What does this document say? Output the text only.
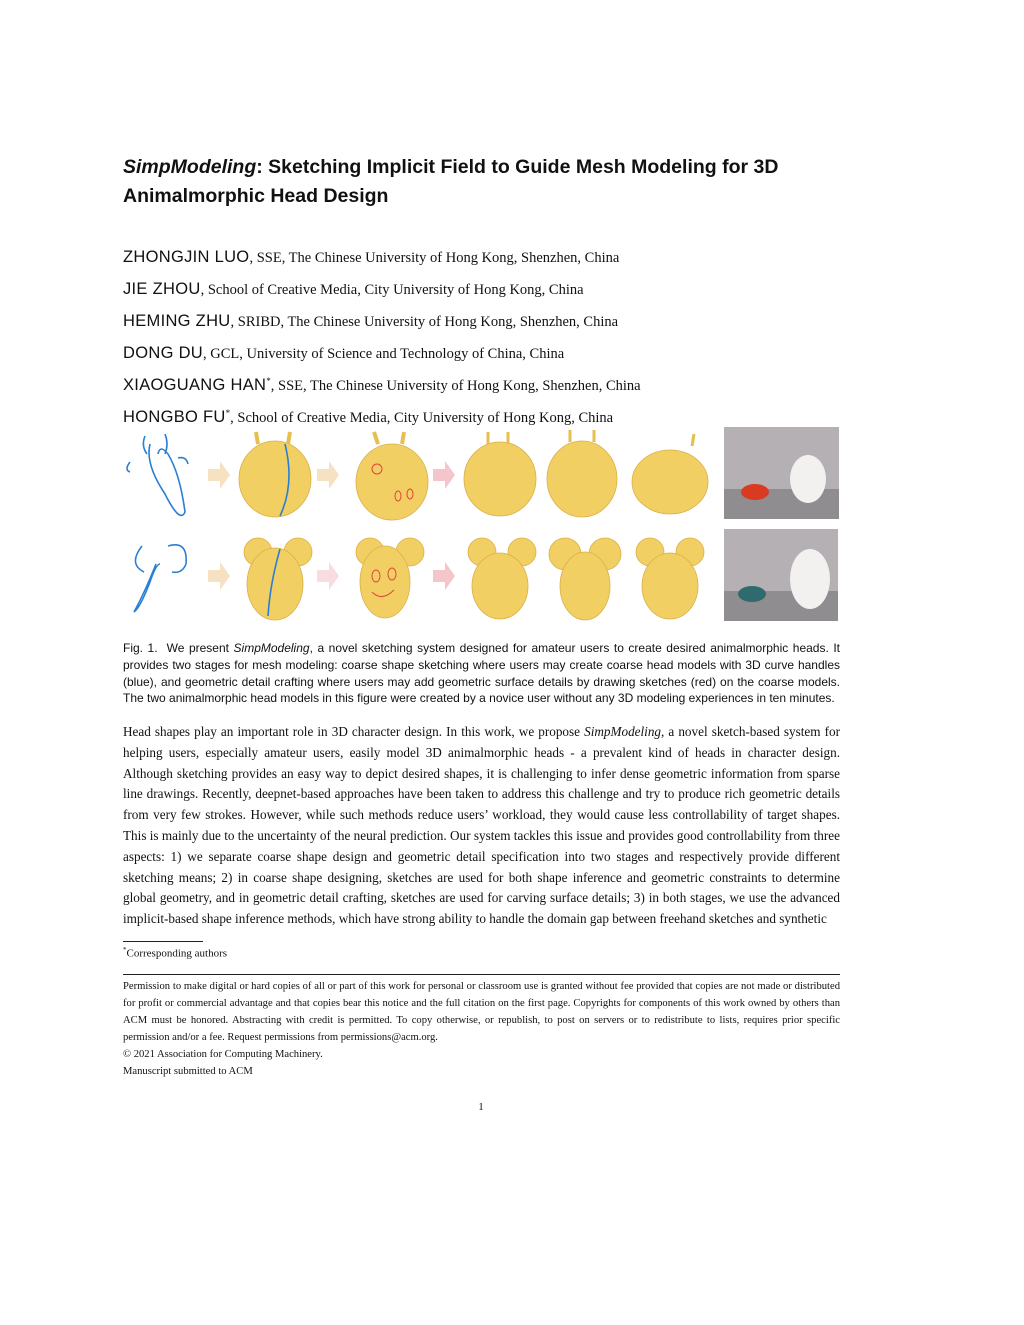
SimpModeling: Sketching Implicit Field to Guide Mesh Modeling for 3D Animalmorphic Head Design
ZHONGJIN LUO, SSE, The Chinese University of Hong Kong, Shenzhen, China
JIE ZHOU, School of Creative Media, City University of Hong Kong, China
HEMING ZHU, SRIBD, The Chinese University of Hong Kong, Shenzhen, China
DONG DU, GCL, University of Science and Technology of China, China
XIAOGUANG HAN*, SSE, The Chinese University of Hong Kong, Shenzhen, China
HONGBO FU*, School of Creative Media, City University of Hong Kong, China
Fig. 1. We present SimpModeling, a novel sketching system designed for amateur users to create desired animalmorphic heads. It provides two stages for mesh modeling: coarse shape sketching where users may create coarse head models with 3D curve handles (blue), and geometric detail crafting where users may add geometric surface details by drawing sketches (red) on the coarse models. The two animalmorphic head models in this figure were created by a novice user without any 3D modeling experiences in ten minutes.
Head shapes play an important role in 3D character design. In this work, we propose SimpModeling, a novel sketch-based system for helping users, especially amateur users, easily model 3D animalmorphic heads - a prevalent kind of heads in character design. Although sketching provides an easy way to depict desired shapes, it is challenging to infer dense geometric information from sparse line drawings. Recently, deepnet-based approaches have been taken to address this challenge and try to produce rich geometric details from very few strokes. However, while such methods reduce users’ workload, they would cause less controllability of target shapes. This is mainly due to the uncertainty of the neural prediction. Our system tackles this issue and provides good controllability from three aspects: 1) we separate coarse shape design and geometric detail specification into two stages and respectively provide different sketching means; 2) in coarse shape designing, sketches are used for both shape inference and geometric constraints to determine global geometry, and in geometric detail crafting, sketches are used for carving surface details; 3) in both stages, we use the advanced implicit-based shape inference methods, which have strong ability to handle the domain gap between freehand sketches and synthetic
*Corresponding authors
Permission to make digital or hard copies of all or part of this work for personal or classroom use is granted without fee provided that copies are not made or distributed for profit or commercial advantage and that copies bear this notice and the full citation on the first page. Copyrights for components of this work owned by others than ACM must be honored. Abstracting with credit is permitted. To copy otherwise, or republish, to post on servers or to redistribute to lists, requires prior specific permission and/or a fee. Request permissions from permissions@acm.org.
© 2021 Association for Computing Machinery.
Manuscript submitted to ACM
1
